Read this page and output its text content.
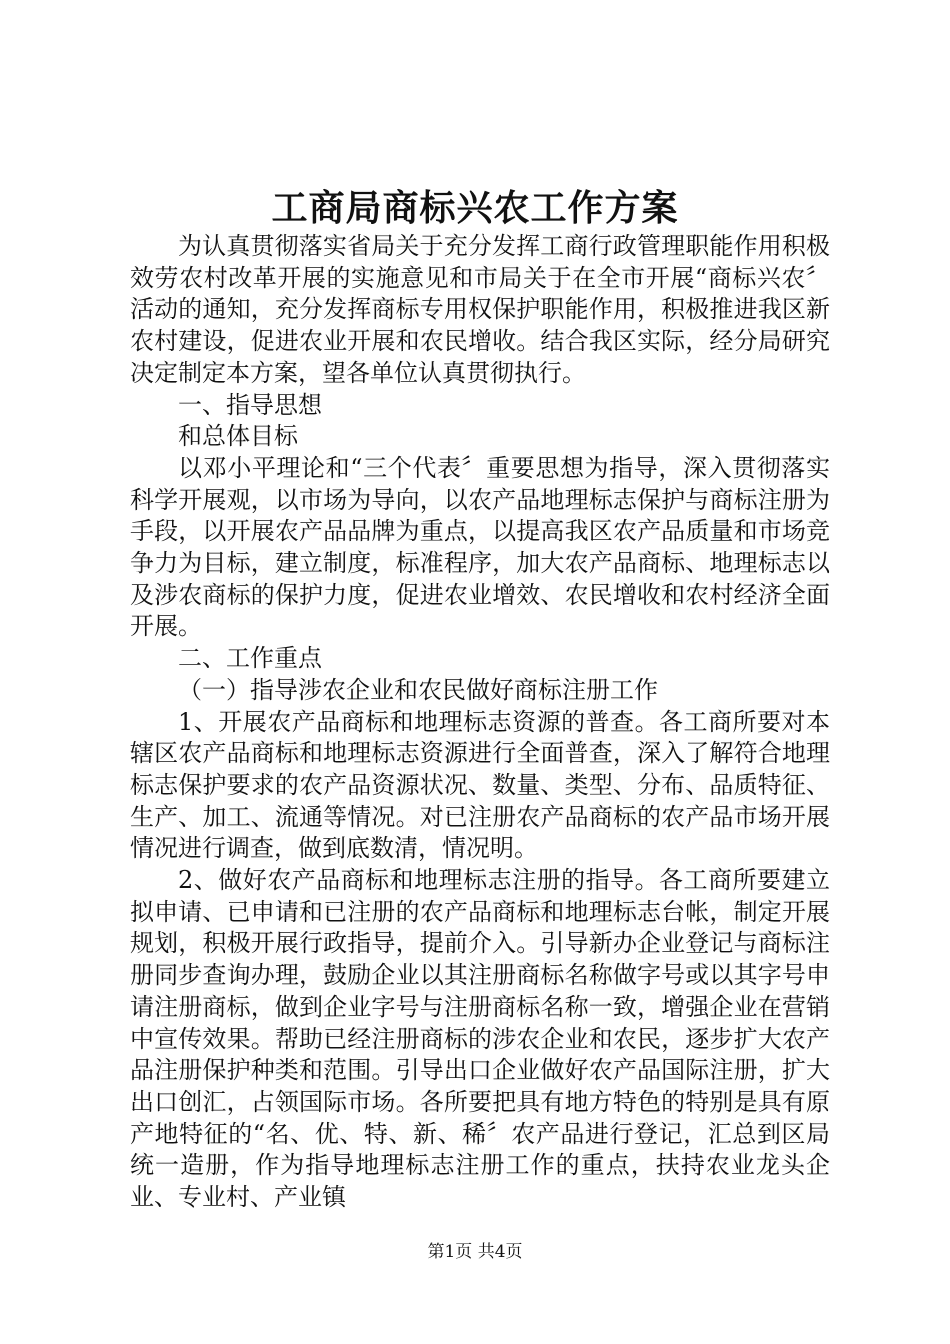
工商局商标兴农工作方案

为认真贯彻落实省局关于充分发挥工商行政管理职能作用积极效劳农村改革开展的实施意见和市局关于在全市开展“商标兴农〞活动的通知，充分发挥商标专用权保护职能作用，积极推进我区新农村建设，促进农业开展和农民增收。结合我区实际，经分局研究决定制定本方案，望各单位认真贯彻执行。

一、指导思想

和总体目标

以邓小平理论和“三个代表〞重要思想为指导，深入贯彻落实科学开展观，以市场为导向，以农产品地理标志保护与商标注册为手段，以开展农产品品牌为重点，以提高我区农产品质量和市场竞争力为目标，建立制度，标准程序，加大农产品商标、地理标志以及涉农商标的保护力度，促进农业增效、农民增收和农村经济全面开展。

二、工作重点

（一）指导涉农企业和农民做好商标注册工作

1、开展农产品商标和地理标志资源的普查。各工商所要对本辖区农产品商标和地理标志资源进行全面普查，深入了解符合地理标志保护要求的农产品资源状况、数量、类型、分布、品质特征、生产、加工、流通等情况。对已注册农产品商标的农产品市场开展情况进行调查，做到底数清，情况明。

2、做好农产品商标和地理标志注册的指导。各工商所要建立拟申请、已申请和已注册的农产品商标和地理标志台帐，制定开展规划，积极开展行政指导，提前介入。引导新办企业登记与商标注册同步查询办理，鼓励企业以其注册商标名称做字号或以其字号申请注册商标，做到企业字号与注册商标名称一致，增强企业在营销中宣传效果。帮助已经注册商标的涉农企业和农民，逐步扩大农产品注册保护种类和范围。引导出口企业做好农产品国际注册，扩大出口创汇，占领国际市场。各所要把具有地方特色的特别是具有原产地特征的“名、优、特、新、稀〞农产品进行登记，汇总到区局统一造册，作为指导地理标志注册工作的重点，扶持农业龙头企业、专业村、产业镇

第1页 共4页
